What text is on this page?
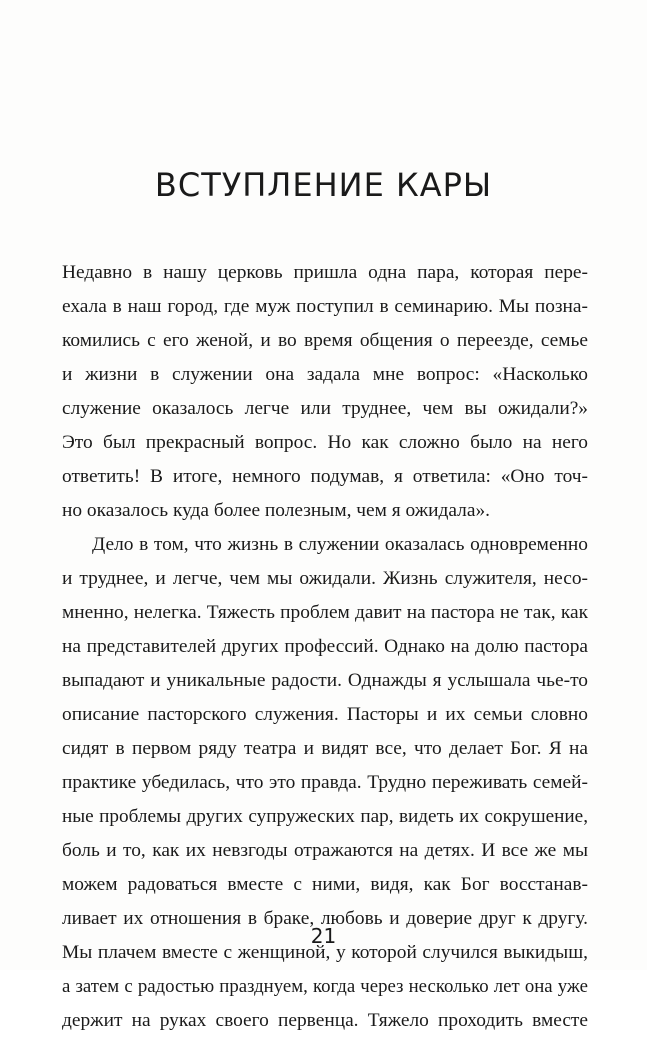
ВСТУПЛЕНИЕ КАРЫ
Недавно в нашу церковь пришла одна пара, которая пере-
ехала в наш город, где муж поступил в семинарию. Мы позна-
комились с его женой, и во время общения о переезде, семье
и жизни в служении она задала мне вопрос: «Насколько
служение оказалось легче или труднее, чем вы ожидали?»
Это был прекрасный вопрос. Но как сложно было на него
ответить! В итоге, немного подумав, я ответила: «Оно точ-
но оказалось куда более полезным, чем я ожидала».
Дело в том, что жизнь в служении оказалась одновременно
и труднее, и легче, чем мы ожидали. Жизнь служителя, несо-
мненно, нелегка. Тяжесть проблем давит на пастора не так, как
на представителей других профессий. Однако на долю пастора
выпадают и уникальные радости. Однажды я услышала чье-то
описание пасторского служения. Пасторы и их семьи словно
сидят в первом ряду театра и видят все, что делает Бог. Я на
практике убедилась, что это правда. Трудно переживать семей-
ные проблемы других супружеских пар, видеть их сокрушение,
боль и то, как их невзгоды отражаются на детях. И все же мы
можем радоваться вместе с ними, видя, как Бог восстанав-
ливает их отношения в браке, любовь и доверие друг к другу.
Мы плачем вместе с женщиной, у которой случился выкидыш,
а затем с радостью празднуем, когда через несколько лет она уже
держит на руках своего первенца. Тяжело проходить вместе
21
